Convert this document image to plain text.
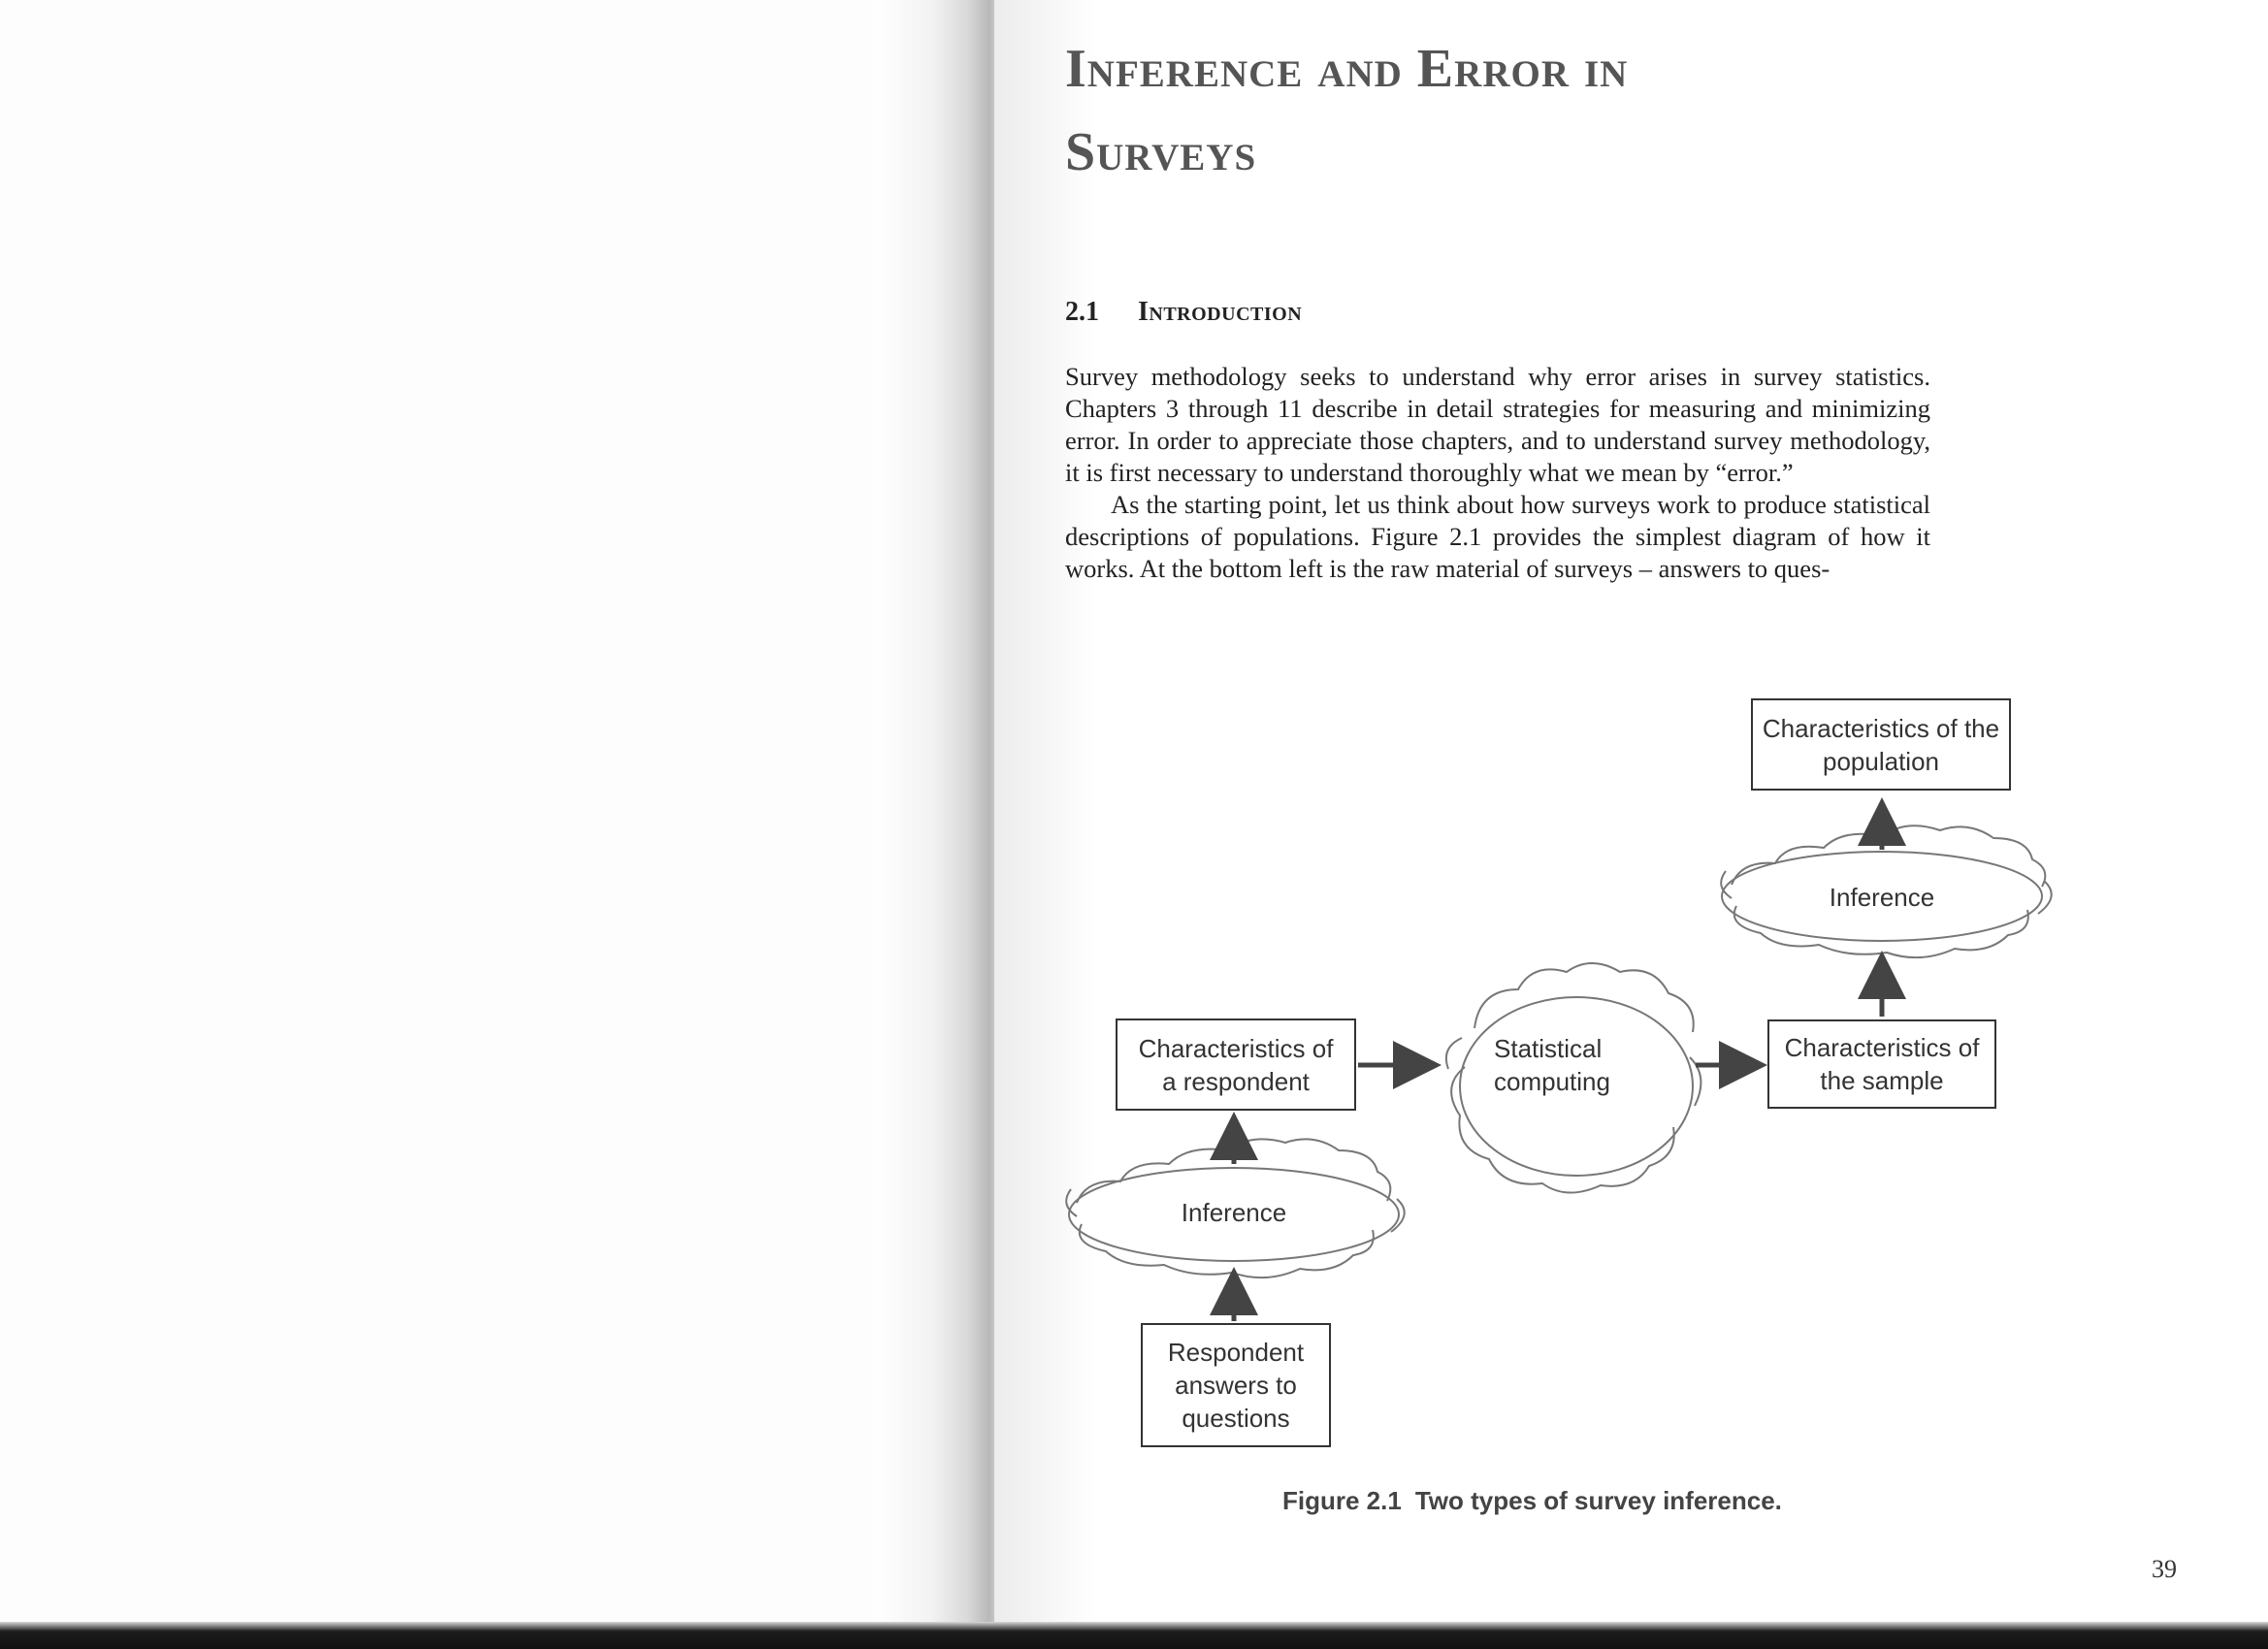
Inference and Error in
Surveys
2.1 Introduction

Survey methodology seeks to understand why error arises in survey statistics. Chapters 3 through 11 describe in detail strategies for measuring and minimizing error. In order to appreciate those chapters, and to understand survey methodology, it is first necessary to understand thoroughly what we mean by “error.”

As the starting point, let us think about how surveys work to produce statistical descriptions of populations. Figure 2.1 provides the simplest diagram of how it works. At the bottom left is the raw material of surveys – answers to ques-

Characteristics of the population
Characteristics of the sample
Characteristics of a respondent
Respondent answers to questions
Inference
Statistical computing
Inference
Figure 2.1 Two types of survey inference.
39
